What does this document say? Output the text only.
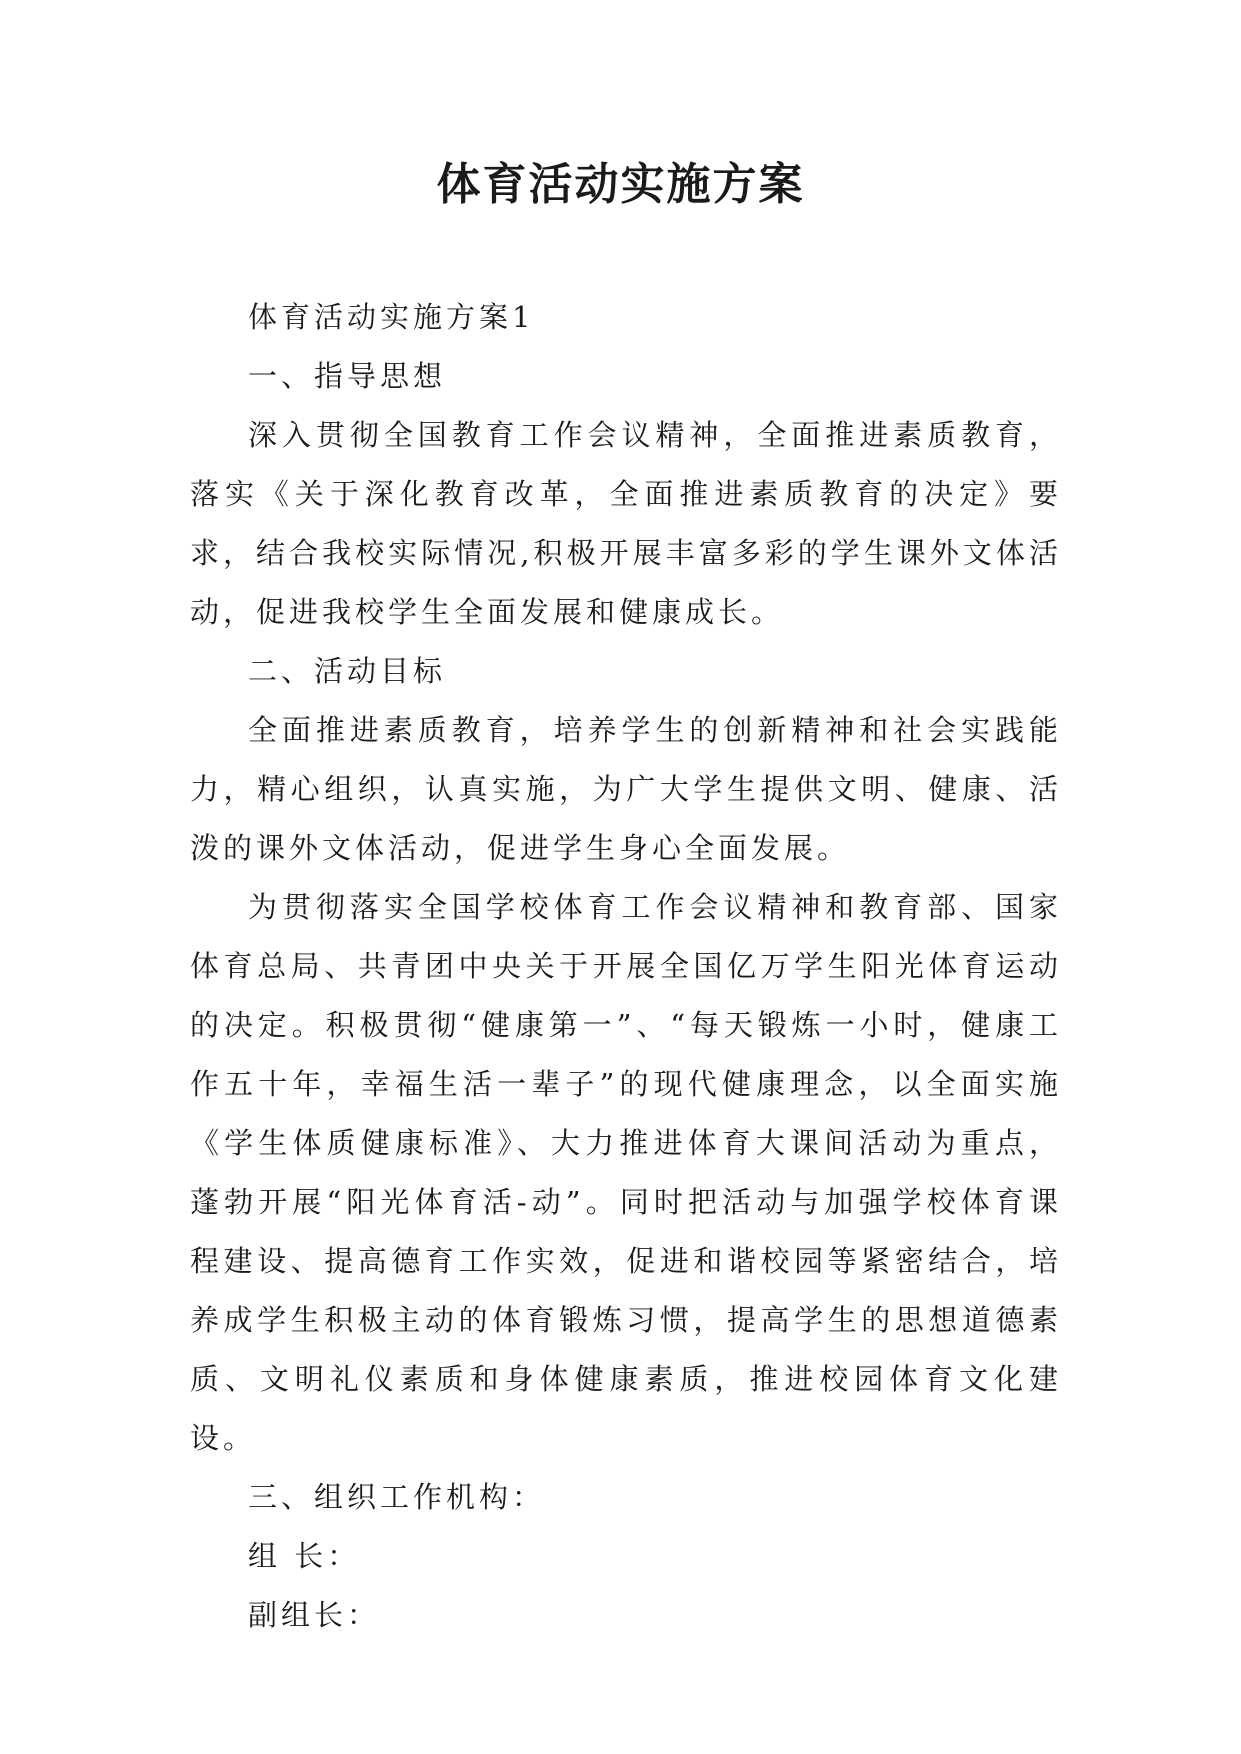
体育活动实施方案

体育活动实施方案1

一、指导思想

深入贯彻全国教育工作会议精神，全面推进素质教育，落实《关于深化教育改革，全面推进素质教育的决定》要求，结合我校实际情况,积极开展丰富多彩的学生课外文体活动，促进我校学生全面发展和健康成长。

二、活动目标

全面推进素质教育，培养学生的创新精神和社会实践能力，精心组织，认真实施，为广大学生提供文明、健康、活泼的课外文体活动，促进学生身心全面发展。

为贯彻落实全国学校体育工作会议精神和教育部、国家体育总局、共青团中央关于开展全国亿万学生阳光体育运动的决定。积极贯彻“健康第一”、“每天锻炼一小时，健康工作五十年，幸福生活一辈子”的现代健康理念，以全面实施《学生体质健康标准》、大力推进体育大课间活动为重点，蓬勃开展“阳光体育活-动”。同时把活动与加强学校体育课程建设、提高德育工作实效，促进和谐校园等紧密结合，培养成学生积极主动的体育锻炼习惯，提高学生的思想道德素质、文明礼仪素质和身体健康素质，推进校园体育文化建设。

三、组织工作机构：

组 长：

副组长：
